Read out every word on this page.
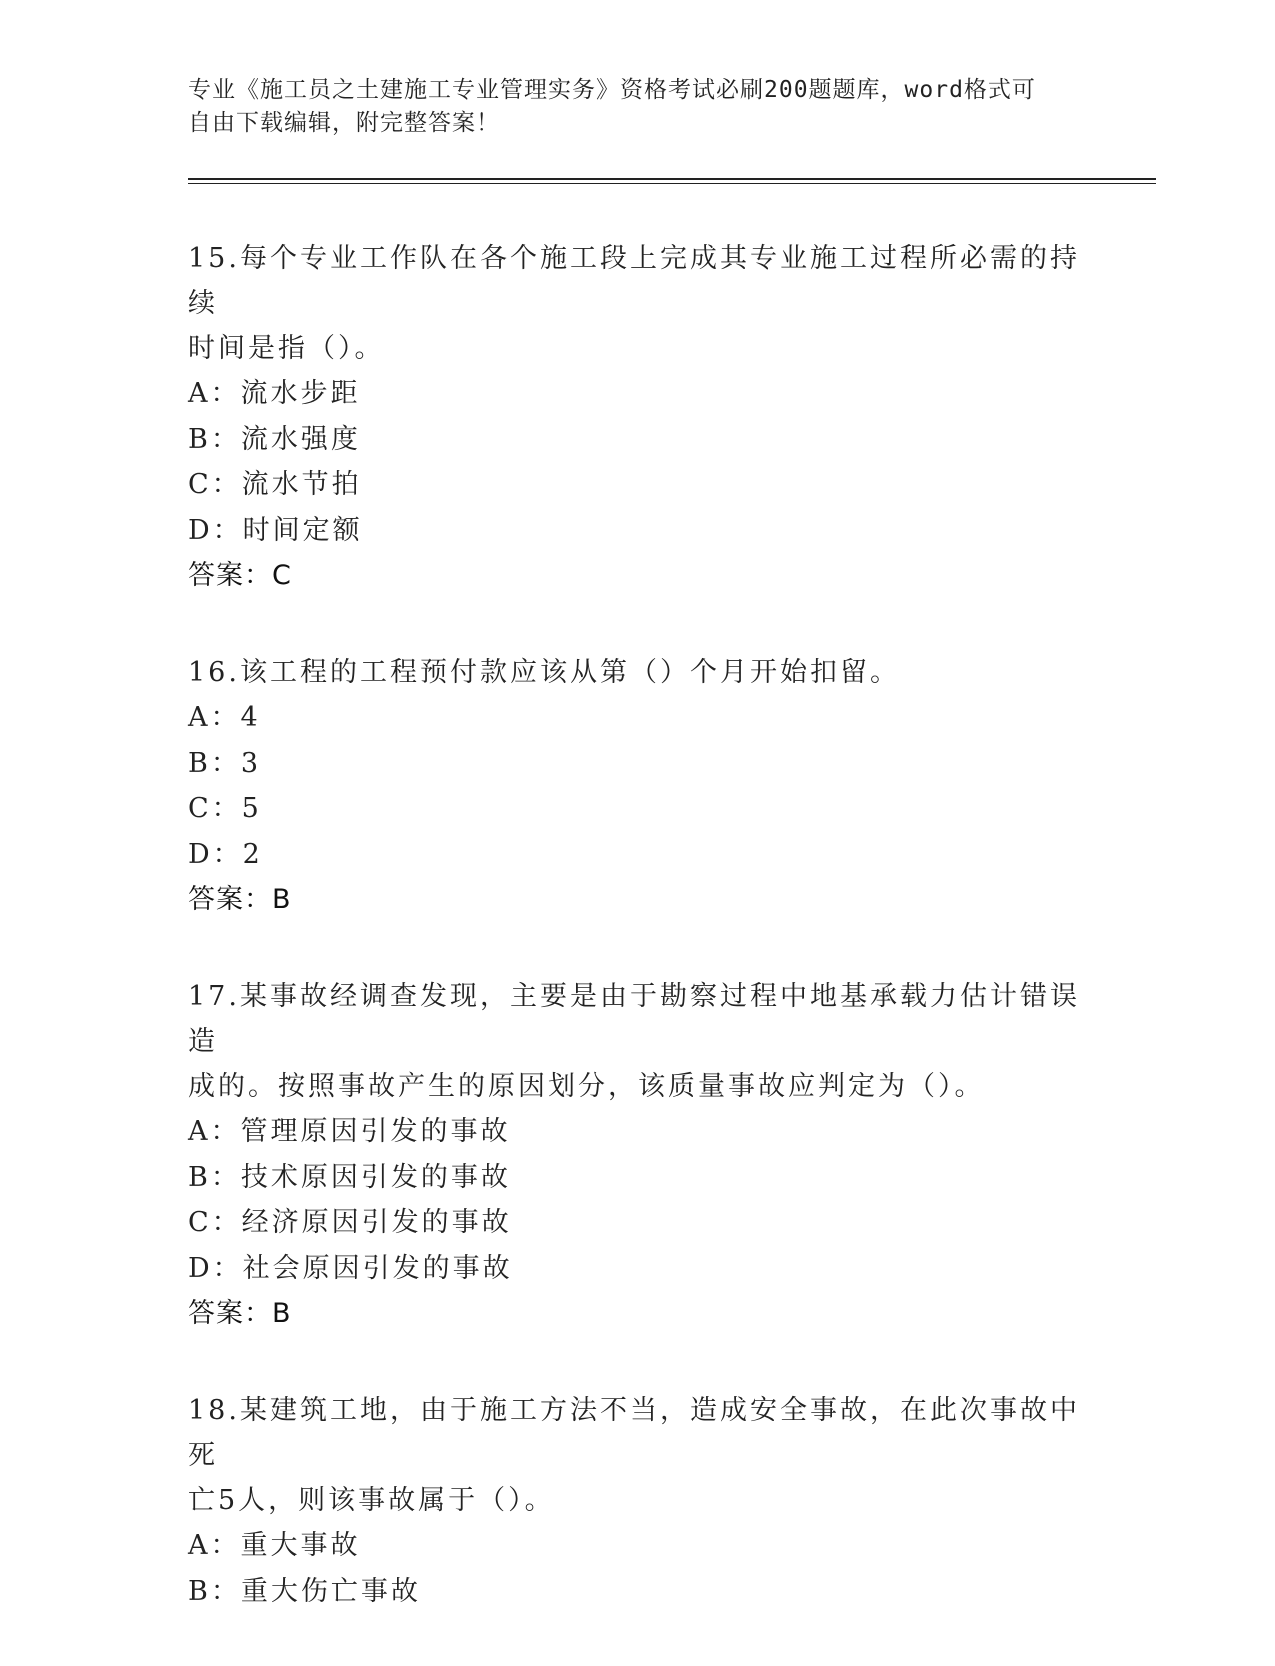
专业《施工员之土建施工专业管理实务》资格考试必刷200题题库，word格式可
自由下载编辑，附完整答案！
15.每个专业工作队在各个施工段上完成其专业施工过程所必需的持续
时间是指（）。
A：流水步距
B：流水强度
C：流水节拍
D：时间定额
答案：C
16.该工程的工程预付款应该从第（）个月开始扣留。
A：4
B：3
C：5
D：2
答案：B
17.某事故经调查发现，主要是由于勘察过程中地基承载力估计错误造
成的。按照事故产生的原因划分，该质量事故应判定为（）。
A：管理原因引发的事故
B：技术原因引发的事故
C：经济原因引发的事故
D：社会原因引发的事故
答案：B
18.某建筑工地，由于施工方法不当，造成安全事故，在此次事故中死
亡5人，则该事故属于（）。
A：重大事故
B：重大伤亡事故
